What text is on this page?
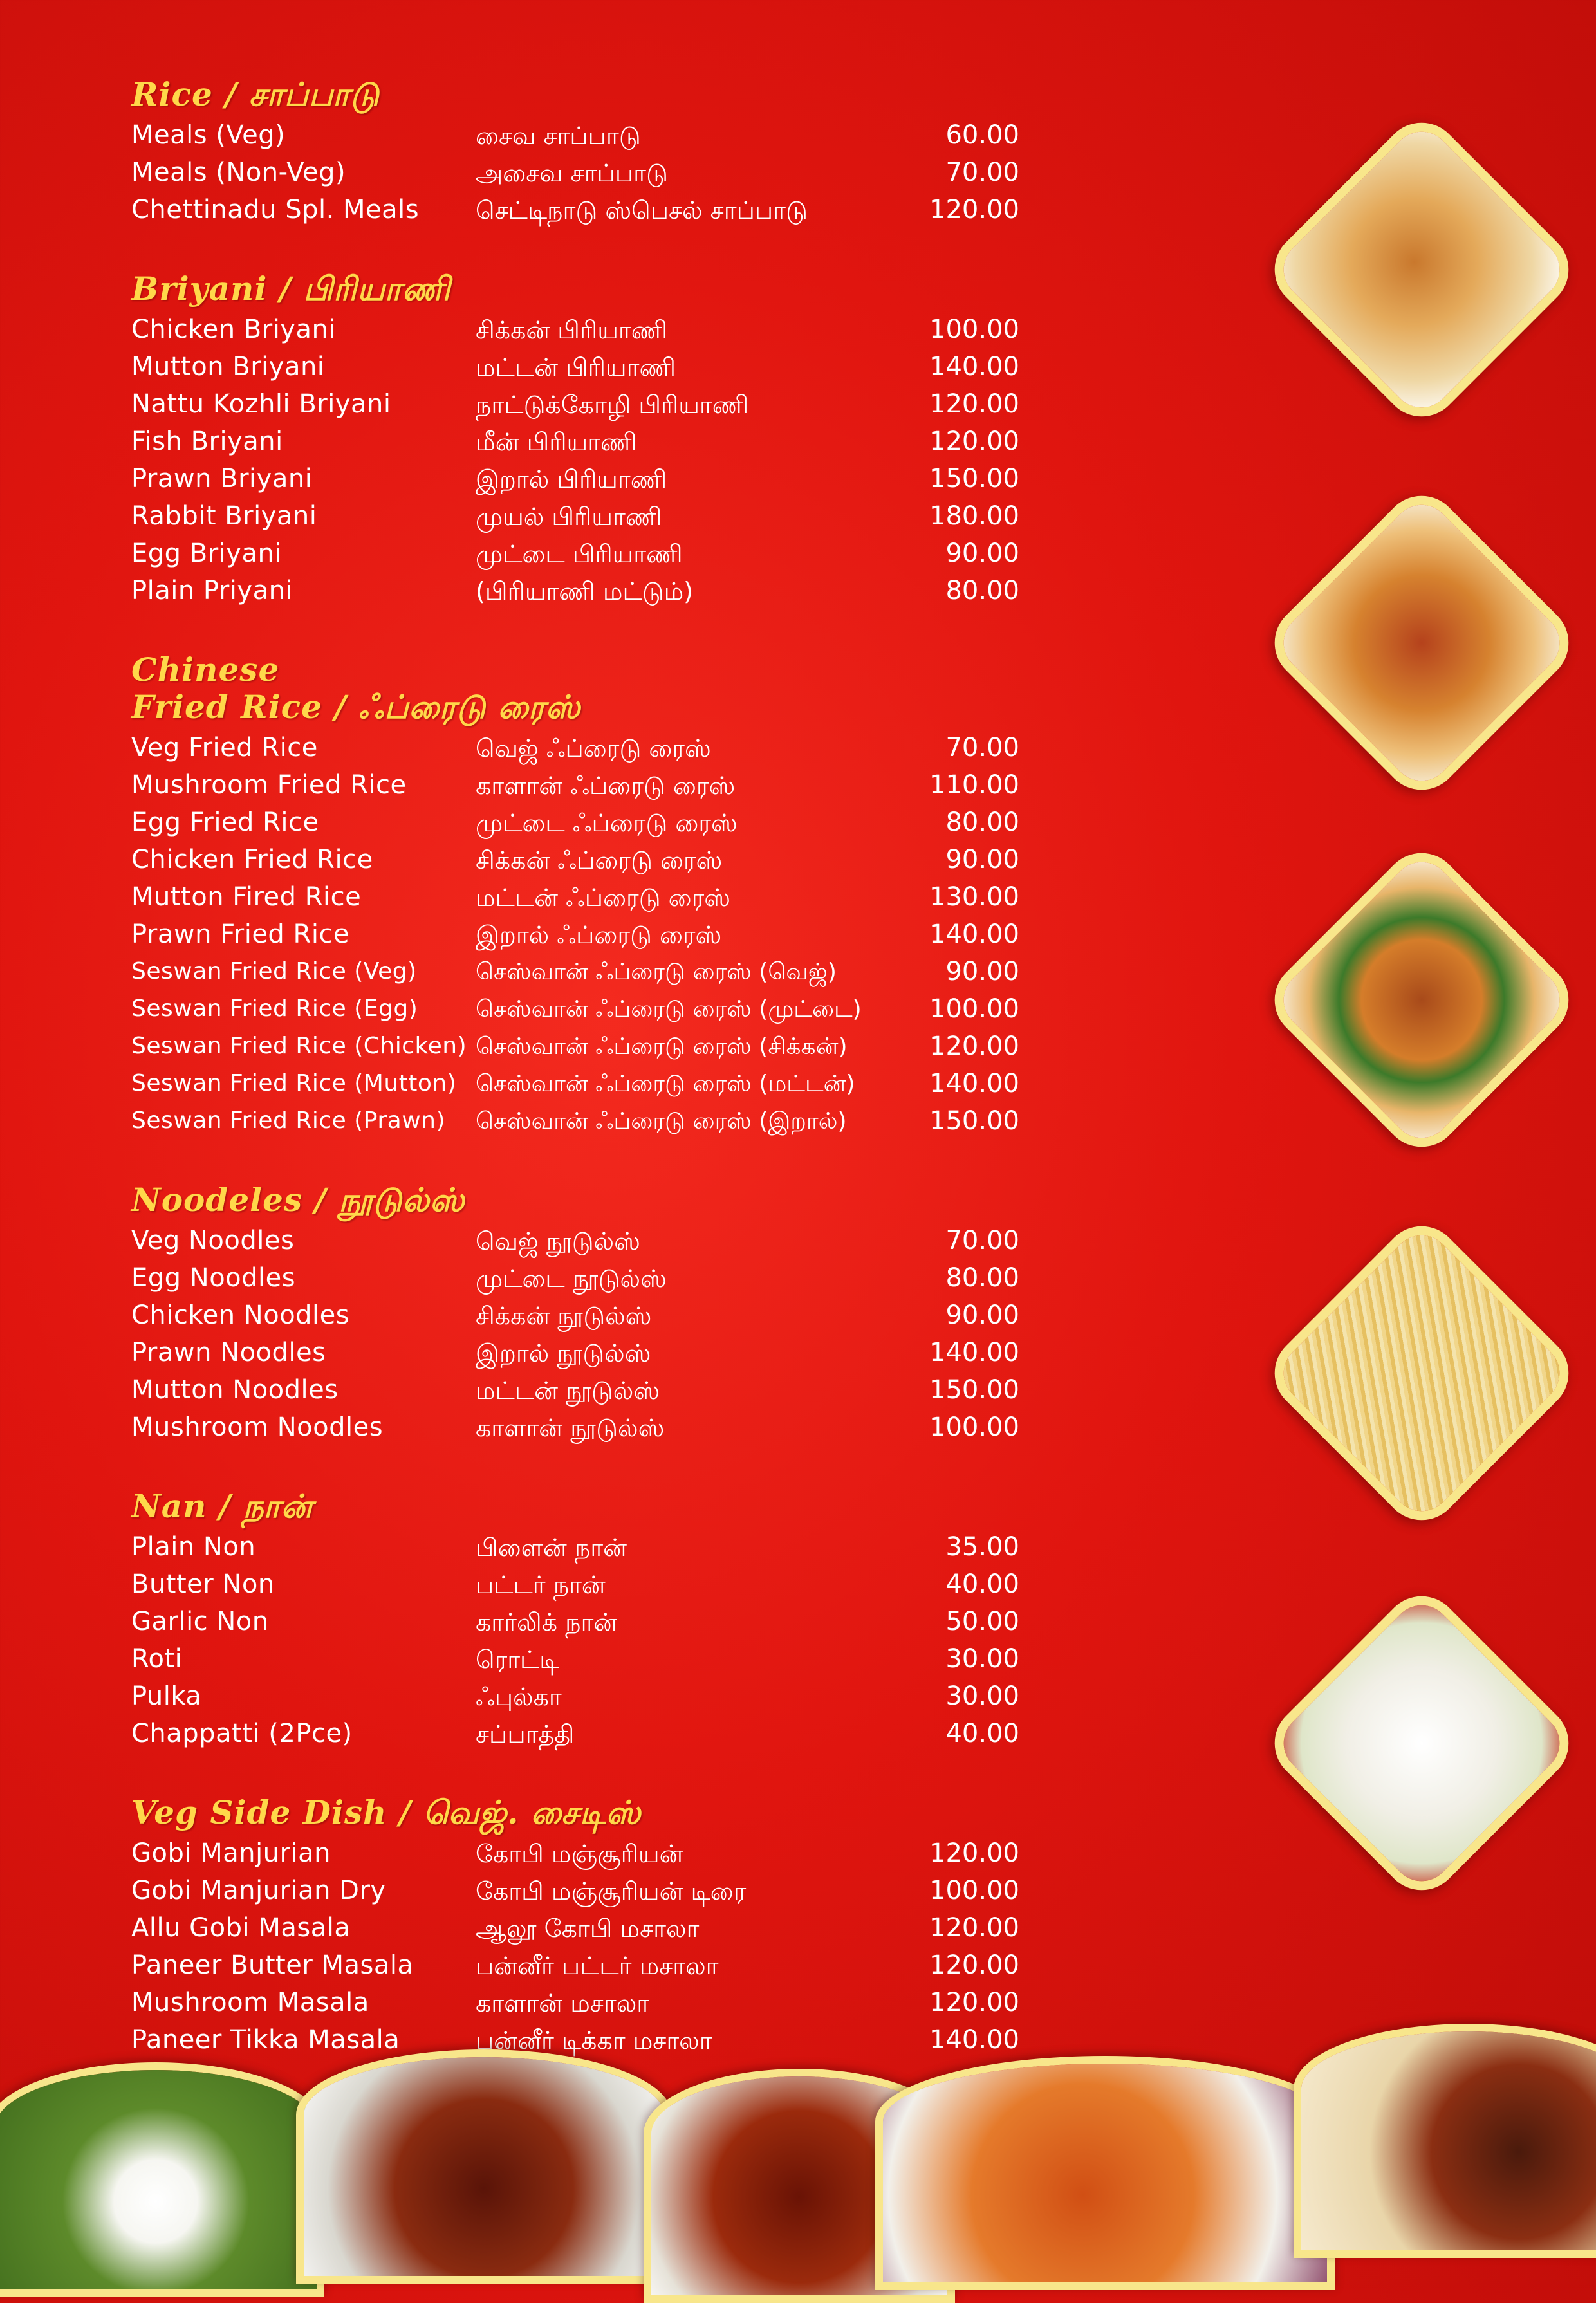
Rice / சாப்பாடு
Meals (Veg)	சைவ சாப்பாடு	60.00
Meals (Non-Veg)	அசைவ சாப்பாடு	70.00
Chettinadu Spl. Meals செட்டிநாடு ஸ்பெசல் சாப்பாடு	120.00
Briyani / பிரியாணி
Chicken Briyani	சிக்கன் பிரியாணி	100.00
Mutton Briyani	மட்டன் பிரியாணி	140.00
Nattu Kozhli Briyani	நாட்டுக்கோழி பிரியாணி	120.00
Fish Briyani	மீன் பிரியாணி	120.00
Prawn Briyani	இறால் பிரியாணி	150.00
Rabbit Briyani	முயல் பிரியாணி	180.00
Egg Briyani	முட்டை பிரியாணி	90.00
Plain Priyani	(பிரியாணி மட்டும்)	80.00
Chinese
Fried Rice / ஃப்ரைடு ரைஸ்
Veg Fried Rice	வெஜ் ஃப்ரைடு ரைஸ்	70.00
Mushroom Fried Rice	காளான் ஃப்ரைடு ரைஸ்	110.00
Egg Fried Rice	முட்டை ஃப்ரைடு ரைஸ்	80.00
Chicken Fried Rice	சிக்கன் ஃப்ரைடு ரைஸ்	90.00
Mutton Fired Rice	மட்டன் ஃப்ரைடு ரைஸ்	130.00
Prawn Fried Rice	இறால் ஃப்ரைடு ரைஸ்	140.00
Seswan Fried Rice (Veg)	செஸ்வான் ஃப்ரைடு ரைஸ் (வெஜ்)	90.00
Seswan Fried Rice (Egg) செஸ்வான் ஃப்ரைடு ரைஸ் (முட்டை)	100.00
Seswan Fried Rice (Chicken) செஸ்வான் ஃப்ரைடு ரைஸ் (சிக்கன்)	120.00
Seswan Fried Rice (Mutton) செஸ்வான் ஃப்ரைடு ரைஸ் (மட்டன்)	140.00
Seswan Fried Rice (Prawn) செஸ்வான் ஃப்ரைடு ரைஸ் (இறால்)	150.00
Noodeles / நூடுல்ஸ்
Veg Noodles	வெஜ் நூடுல்ஸ்	70.00
Egg Noodles	முட்டை நூடுல்ஸ்	80.00
Chicken Noodles	சிக்கன் நூடுல்ஸ்	90.00
Prawn Noodles	இறால் நூடுல்ஸ்	140.00
Mutton Noodles	மட்டன் நூடுல்ஸ்	150.00
Mushroom Noodles	காளான் நூடுல்ஸ்	100.00
Nan / நான்
Plain Non	பிளைன் நான்	35.00
Butter Non	பட்டர் நான்	40.00
Garlic Non	கார்லிக் நான்	50.00
Roti	ரொட்டி	30.00
Pulka	ஃபுல்கா	30.00
Chappatti (2Pce)	சப்பாத்தி	40.00
Veg Side Dish / வெஜ். சைடிஸ்
Gobi Manjurian	கோபி மஞ்சூரியன்	120.00
Gobi Manjurian Dry	கோபி மஞ்சூரியன் டிரை	100.00
Allu Gobi Masala	ஆலூ கோபி மசாலா	120.00
Paneer Butter Masala	பன்னீர் பட்டர் மசாலா	120.00
Mushroom Masala	காளான் மசாலா	120.00
Paneer Tikka Masala	பன்னீர் டிக்கா மசாலா	140.00
